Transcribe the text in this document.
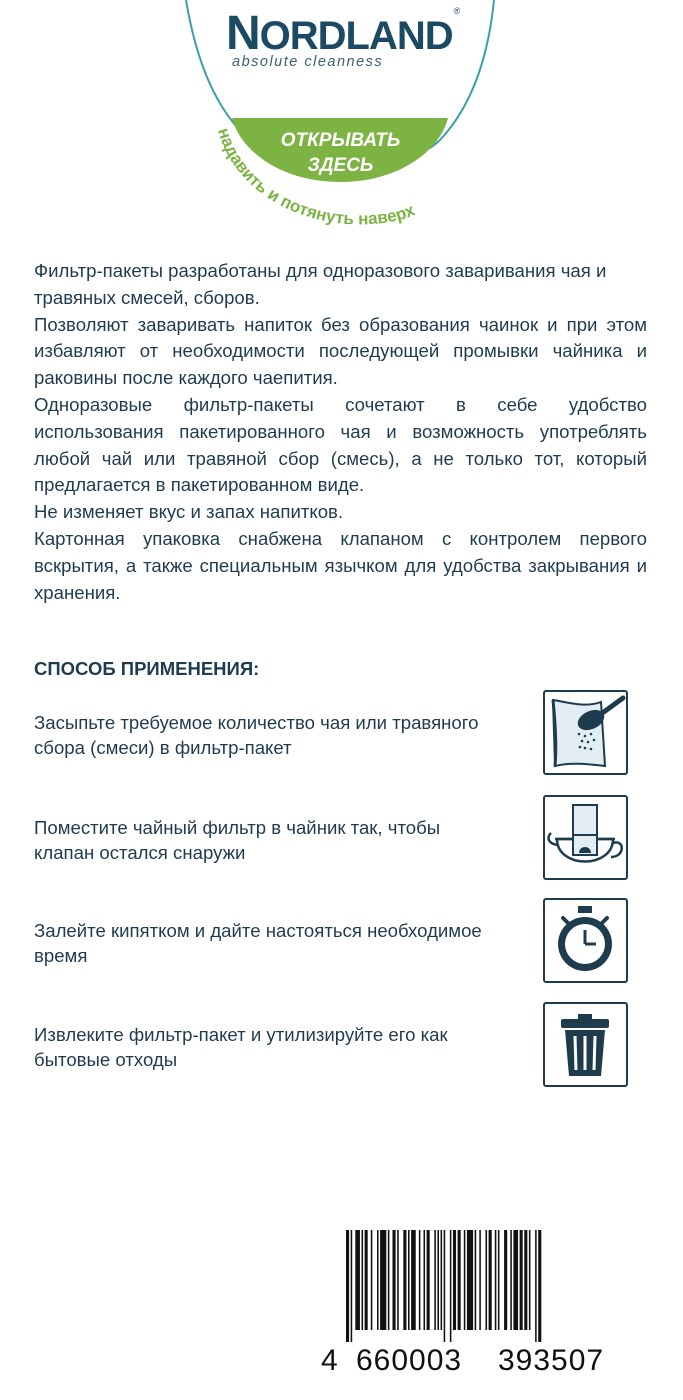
надавить и потянуть наверх
NORDLAND®
absolute cleanness
ОТКРЫВАТЬ
ЗДЕСЬ

Фильтр-пакеты разработаны для одноразового заваривания чая и травяных смесей, сборов.

Позволяют заваривать напиток без образования чаинок и при этом избавляют от необходимости последующей промывки чайника и раковины после каждого чаепития.

Одноразовые фильтр-пакеты сочетают в себе удобство использования пакетированного чая и возможность употреблять любой чай или травяной сбор (смесь), а не только тот, который предлагается в пакетированном виде.

Не изменяет вкус и запах напитков.

Картонная упаковка снабжена клапаном с контролем первого вскрытия, а также специальным язычком для удобства закрывания и хранения.

СПОСОБ ПРИМЕНЕНИЯ:

Засыпьте требуемое количество чая или травяного сбора (смеси) в фильтр-пакет

Поместите чайный фильтр в чайник так, чтобы клапан остался снаружи

Залейте кипятком и дайте настояться необходимое время

Извлеките фильтр-пакет и утилизируйте его как бытовые отходы

4 660003 393507
